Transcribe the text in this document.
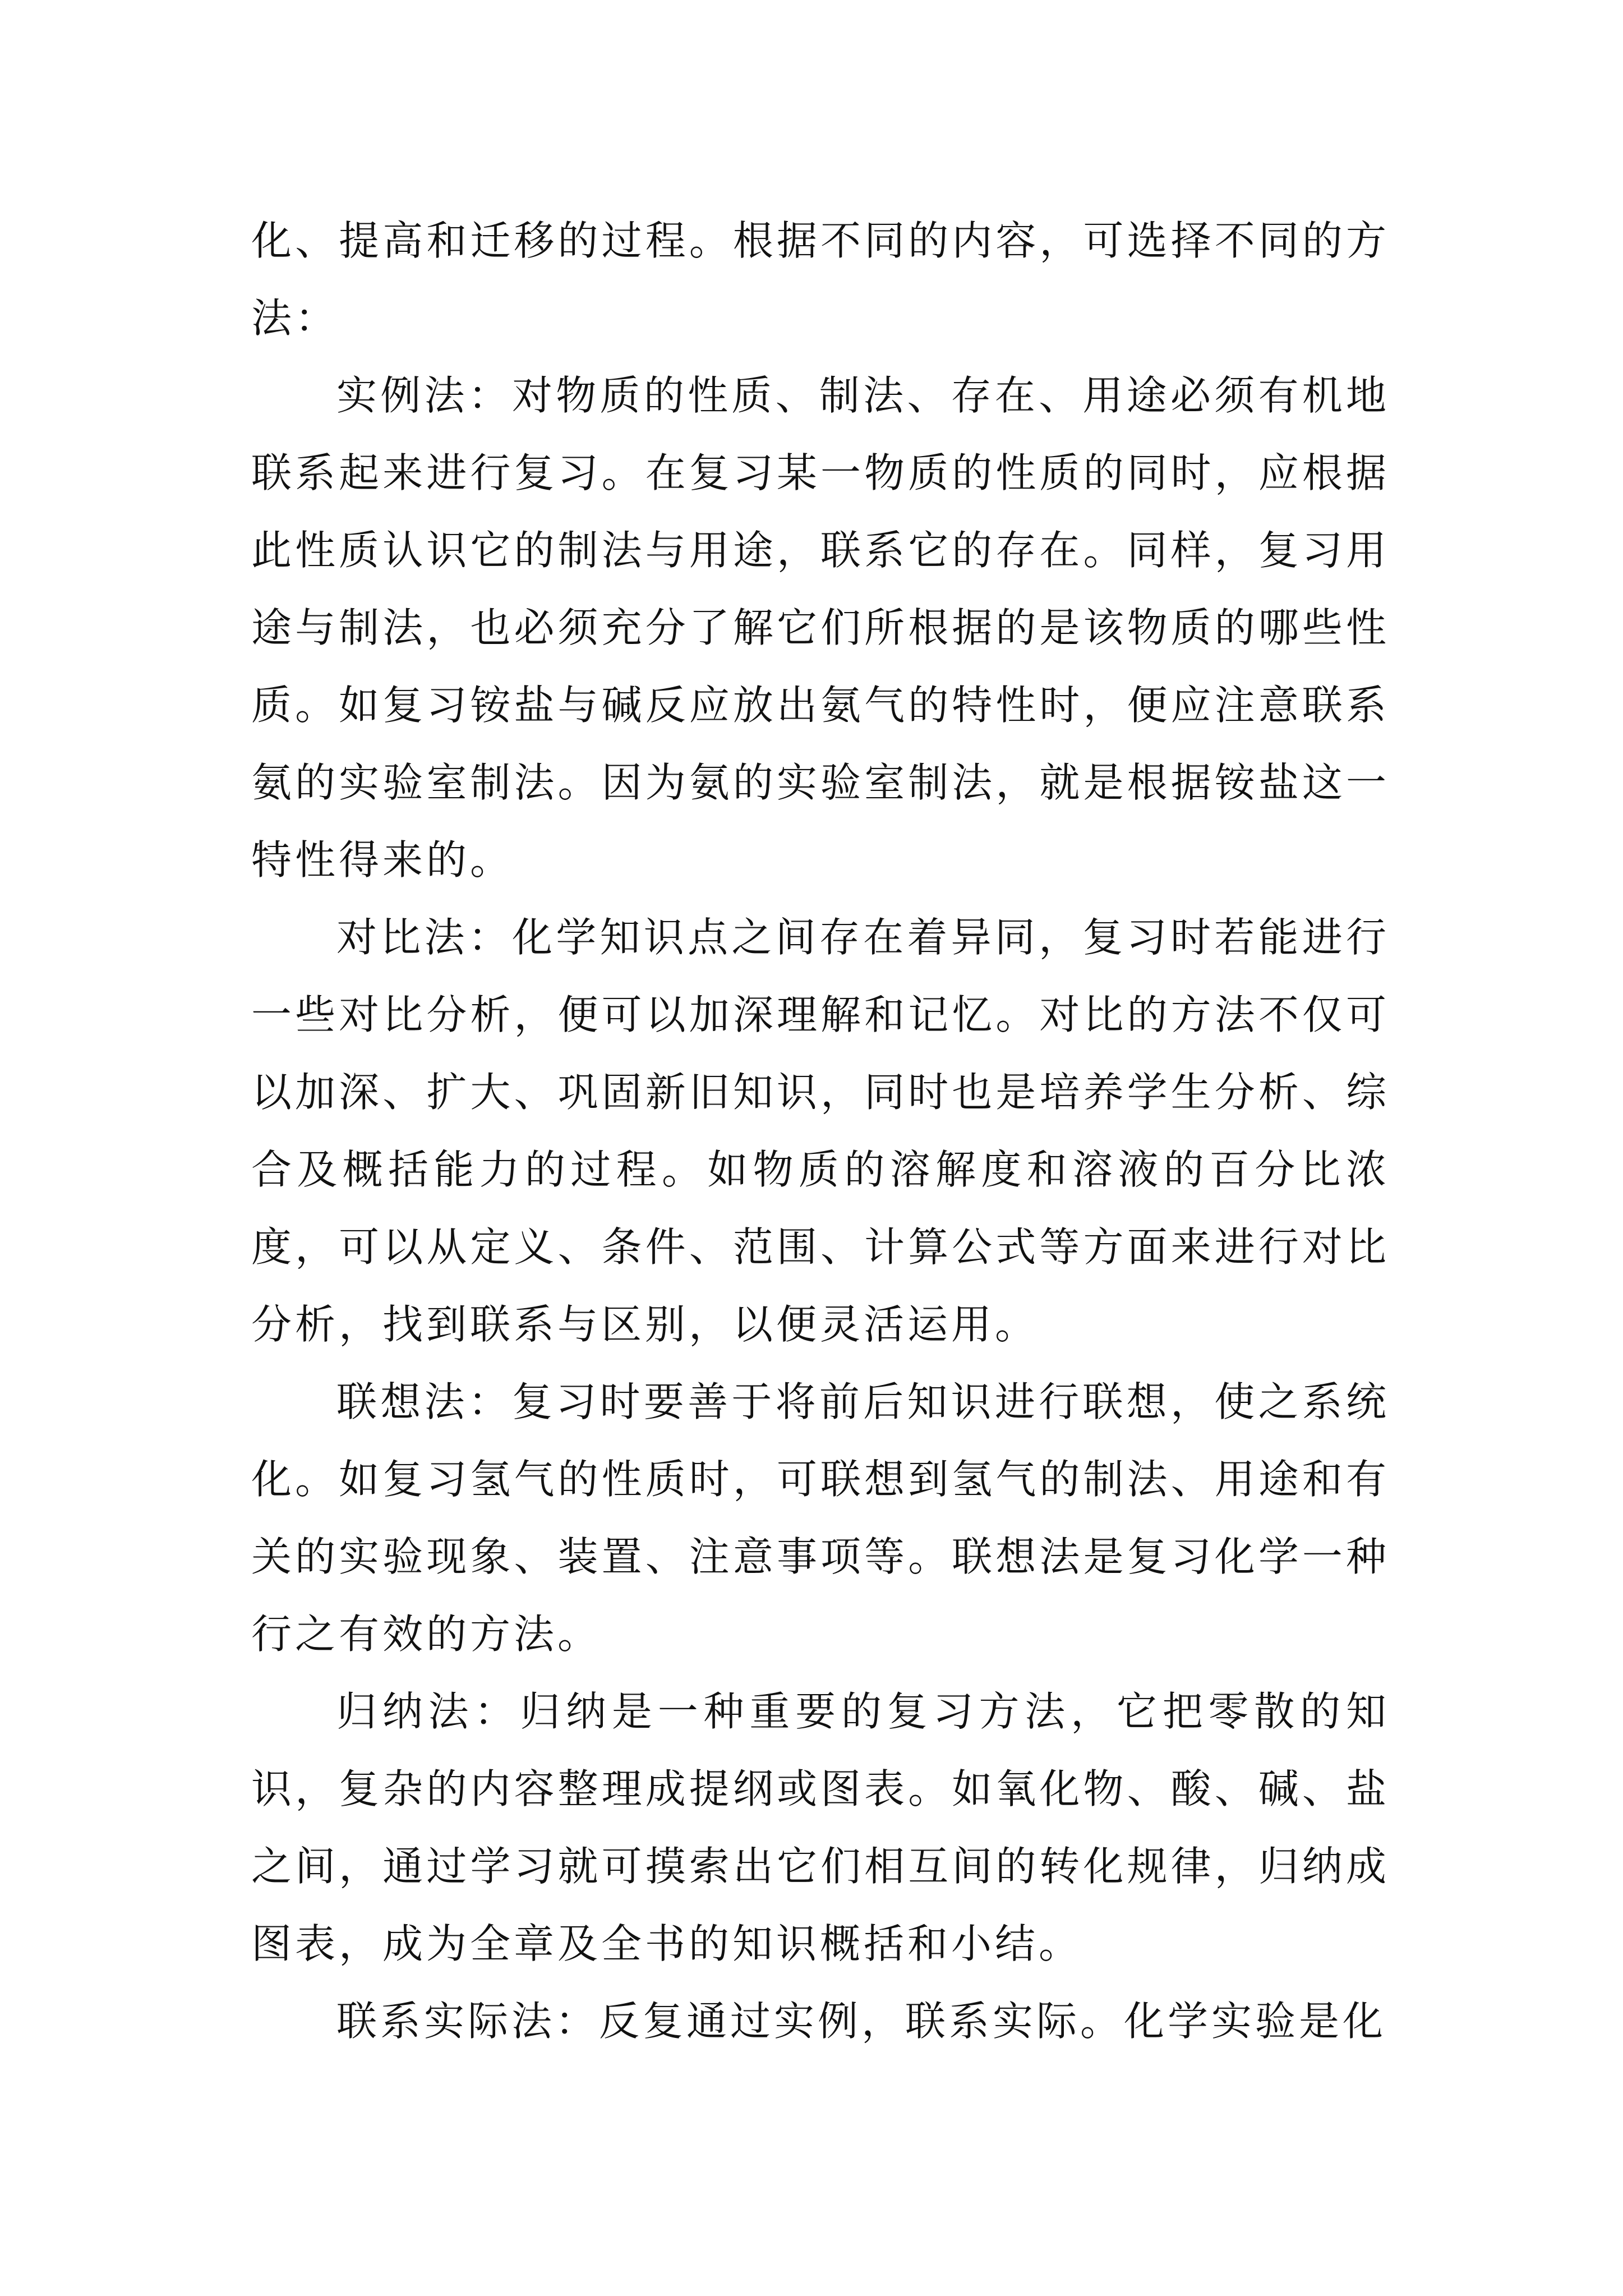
化、提高和迁移的过程。根据不同的内容，可选择不同的方法：

实例法：对物质的性质、制法、存在、用途必须有机地联系起来进行复习。在复习某一物质的性质的同时，应根据此性质认识它的制法与用途，联系它的存在。同样，复习用途与制法，也必须充分了解它们所根据的是该物质的哪些性质。如复习铵盐与碱反应放出氨气的特性时，便应注意联系氨的实验室制法。因为氨的实验室制法，就是根据铵盐这一特性得来的。

对比法：化学知识点之间存在着异同，复习时若能进行一些对比分析，便可以加深理解和记忆。对比的方法不仅可以加深、扩大、巩固新旧知识，同时也是培养学生分析、综合及概括能力的过程。如物质的溶解度和溶液的百分比浓度，可以从定义、条件、范围、计算公式等方面来进行对比分析，找到联系与区别，以便灵活运用。

联想法：复习时要善于将前后知识进行联想，使之系统化。如复习氢气的性质时，可联想到氢气的制法、用途和有关的实验现象、装置、注意事项等。联想法是复习化学一种行之有效的方法。

归纳法：归纳是一种重要的复习方法，它把零散的知识，复杂的内容整理成提纲或图表。如氧化物、酸、碱、盐之间，通过学习就可摸索出它们相互间的转化规律，归纳成图表，成为全章及全书的知识概括和小结。

联系实际法：反复通过实例，联系实际。化学实验是化
